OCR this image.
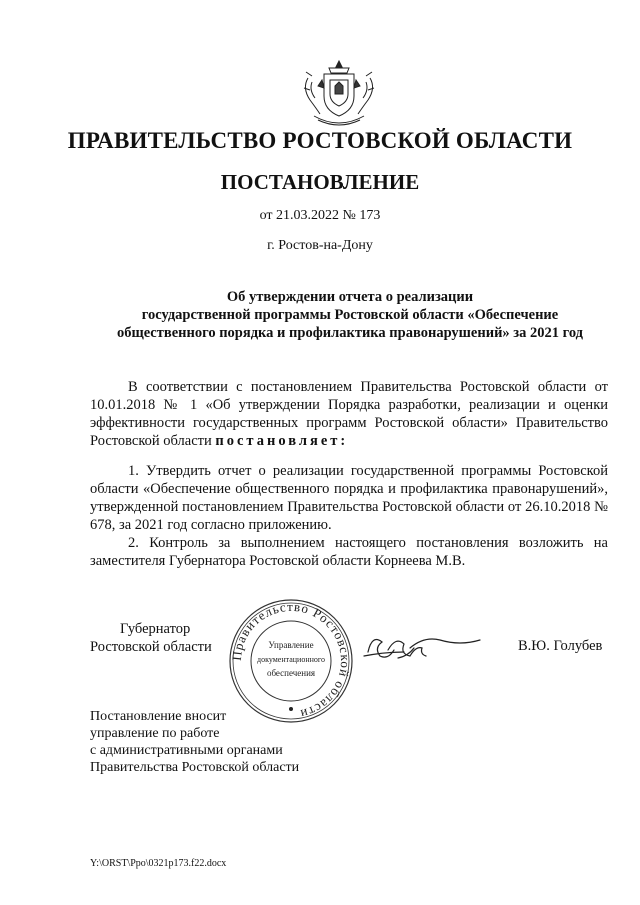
ПРАВИТЕЛЬСТВО РОСТОВСКОЙ ОБЛАСТИ
ПОСТАНОВЛЕНИЕ
от 21.03.2022 № 173
г. Ростов-на-Дону
Об утверждении отчета о реализации
государственной программы Ростовской области «Обеспечение
общественного порядка и профилактика правонарушений» за 2021 год
В соответствии с постановлением Правительства Ростовской области от 10.01.2018 № 1 «Об утверждении Порядка разработки, реализации и оценки эффективности государственных программ Ростовской области» Правительство Ростовской области постановляет:
1. Утвердить отчет о реализации государственной программы Ростовской области «Обеспечение общественного порядка и профилактика правонарушений», утвержденной постановлением Правительства Ростовской области от 26.10.2018 № 678, за 2021 год согласно приложению.
2. Контроль за выполнением настоящего постановления возложить на заместителя Губернатора Ростовской области Корнеева М.В.
Губернатор
Ростовской области
Правительство Ростовской области
Управление
документационного
обеспечения
В.Ю. Голубев
Постановление вносит
управление по работе
с административными органами
Правительства Ростовской области
Y:\ORST\Ppo\0321p173.f22.docx
